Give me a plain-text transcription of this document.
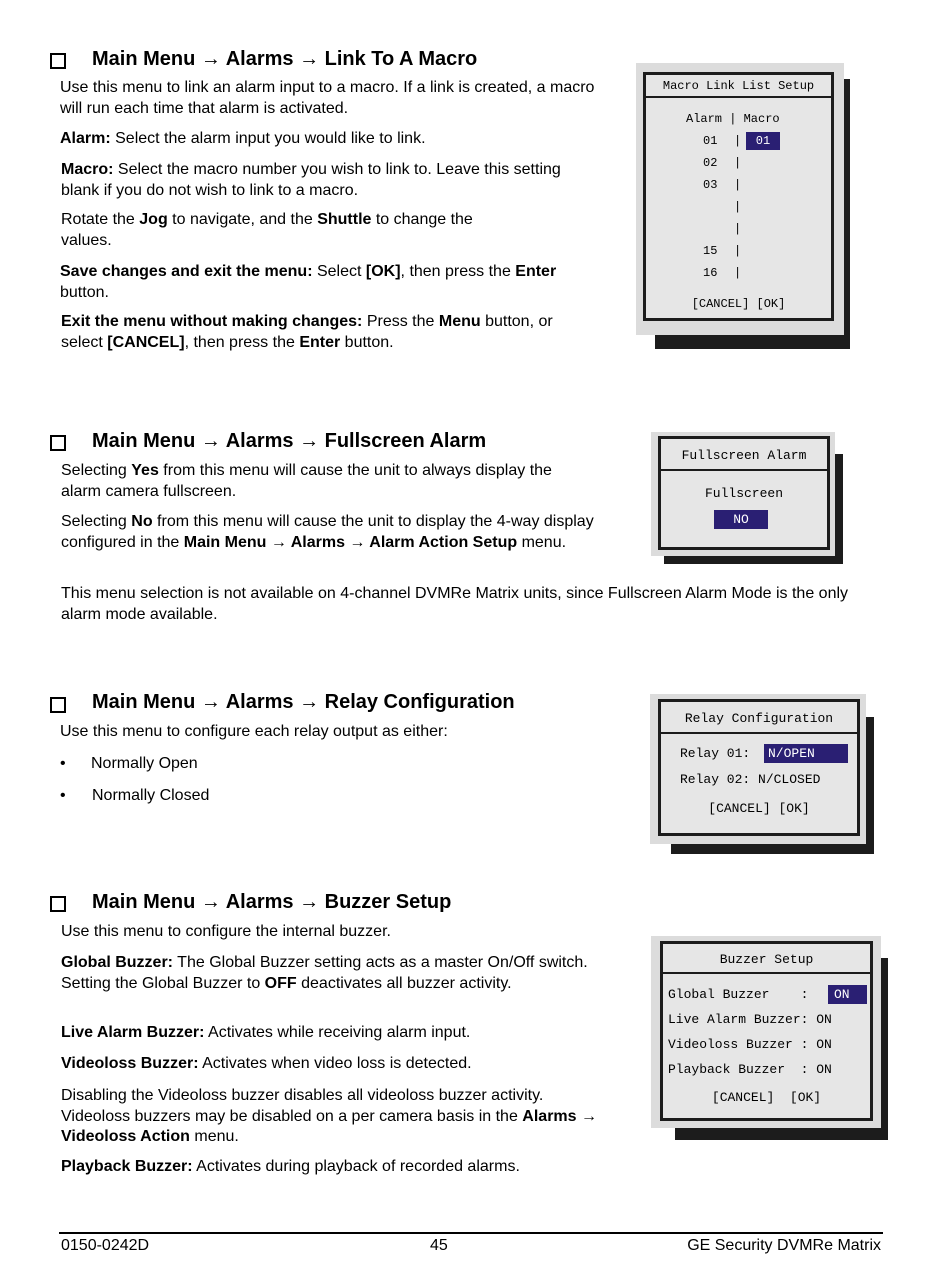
Main Menu → Alarms → Link To A Macro
Use this menu to link an alarm input to a macro. If a link is created, a macro will run each time that alarm is activated.
Alarm: Select the alarm input you would like to link.
Macro: Select the macro number you wish to link to. Leave this setting blank if you do not wish to link to a macro.
Rotate the Jog to navigate, and the Shuttle to change the values.
Save changes and exit the menu: Select [OK], then press the Enter button.
Exit the menu without making changes: Press the Menu button, or select [CANCEL], then press the Enter button.
Macro Link List Setup
Alarm | Macro
01 |	01
02 |
03 |
|
|
15 |
16 |
[CANCEL] [OK]
Main Menu → Alarms → Fullscreen Alarm
Selecting Yes from this menu will cause the unit to always display the alarm camera fullscreen.
Selecting No from this menu will cause the unit to display the 4-way display configured in the Main Menu → Alarms → Alarm Action Setup menu.
This menu selection is not available on 4-channel DVMRe Matrix units, since Fullscreen Alarm Mode is the only alarm mode available.
Fullscreen Alarm
Fullscreen
NO
Main Menu → Alarms → Relay Configuration
Use this menu to configure each relay output as either:
• Normally Open
• Normally Closed
Relay Configuration
Relay 01:	N/OPEN
Relay 02: N/CLOSED
[CANCEL] [OK]
Main Menu → Alarms → Buzzer Setup
Use this menu to configure the internal buzzer.
Global Buzzer: The Global Buzzer setting acts as a master On/Off switch. Setting the Global Buzzer to OFF deactivates all buzzer activity.
Live Alarm Buzzer: Activates while receiving alarm input.
Videoloss Buzzer: Activates when video loss is detected.
Disabling the Videoloss buzzer disables all videoloss buzzer activity. Videoloss buzzers may be disabled on a per camera basis in the Alarms → Videoloss Action menu.
Playback Buzzer: Activates during playback of recorded alarms.
Buzzer Setup
Global Buzzer    :	ON
Live Alarm Buzzer: ON
Videoloss Buzzer : ON
Playback Buzzer  : ON
[CANCEL]  [OK]
0150-0242D	45	GE Security DVMRe Matrix
